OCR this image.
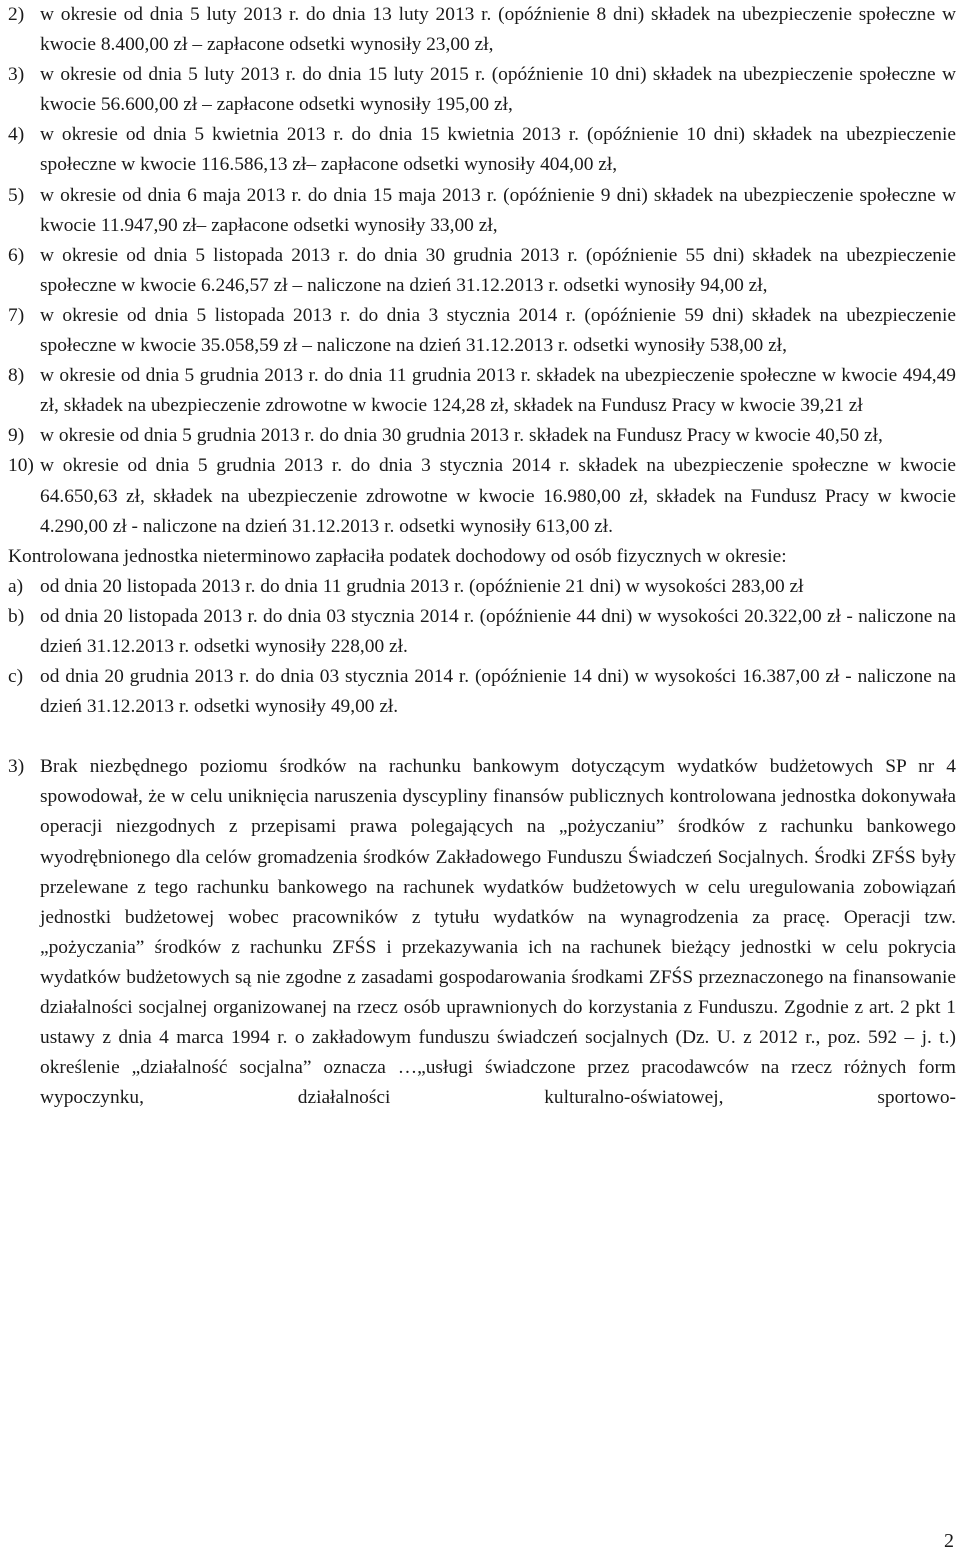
2) w okresie od dnia 5 luty 2013 r. do dnia 13 luty 2013 r. (opóźnienie 8 dni) składek na ubezpieczenie społeczne w kwocie 8.400,00 zł – zapłacone odsetki wynosiły 23,00 zł,
3) w okresie od dnia 5 luty 2013 r. do dnia 15 luty 2015 r. (opóźnienie 10 dni) składek na ubezpieczenie społeczne w kwocie 56.600,00 zł – zapłacone odsetki wynosiły 195,00 zł,
4) w okresie od dnia 5 kwietnia 2013 r. do dnia 15 kwietnia 2013 r. (opóźnienie 10 dni) składek na ubezpieczenie społeczne w kwocie 116.586,13 zł– zapłacone odsetki wynosiły 404,00 zł,
5) w okresie od dnia 6 maja 2013 r. do dnia 15 maja 2013 r. (opóźnienie 9 dni) składek na ubezpieczenie społeczne w kwocie 11.947,90 zł– zapłacone odsetki wynosiły 33,00 zł,
6) w okresie od dnia 5 listopada 2013 r. do dnia 30 grudnia 2013 r. (opóźnienie 55 dni) składek na ubezpieczenie społeczne w kwocie 6.246,57 zł – naliczone na dzień 31.12.2013 r. odsetki wynosiły 94,00 zł,
7) w okresie od dnia 5 listopada 2013 r. do dnia 3 stycznia 2014 r. (opóźnienie 59 dni) składek na ubezpieczenie społeczne w kwocie 35.058,59 zł – naliczone na dzień 31.12.2013 r. odsetki wynosiły 538,00 zł,
8) w okresie od dnia 5 grudnia 2013 r. do dnia 11 grudnia 2013 r. składek na ubezpieczenie społeczne w kwocie 494,49 zł, składek na ubezpieczenie zdrowotne w kwocie 124,28 zł, składek na Fundusz Pracy w kwocie 39,21 zł
9) w okresie od dnia 5 grudnia 2013 r. do dnia 30 grudnia 2013 r. składek na Fundusz Pracy w kwocie 40,50 zł,
10) w okresie od dnia 5 grudnia 2013 r. do dnia 3 stycznia 2014 r. składek na ubezpieczenie społeczne w kwocie 64.650,63 zł, składek na ubezpieczenie zdrowotne w kwocie 16.980,00 zł, składek na Fundusz Pracy w kwocie 4.290,00 zł - naliczone na dzień 31.12.2013 r. odsetki wynosiły 613,00 zł.
Kontrolowana jednostka nieterminowo zapłaciła podatek dochodowy od osób fizycznych w okresie:
a) od dnia 20 listopada 2013 r. do dnia 11 grudnia 2013 r. (opóźnienie 21 dni) w wysokości 283,00 zł
b) od dnia 20 listopada 2013 r. do dnia 03 stycznia 2014 r. (opóźnienie 44 dni) w wysokości 20.322,00 zł - naliczone na dzień 31.12.2013 r. odsetki wynosiły 228,00 zł.
c) od dnia 20 grudnia 2013 r. do dnia 03 stycznia 2014 r. (opóźnienie 14 dni) w wysokości 16.387,00 zł - naliczone na dzień 31.12.2013 r. odsetki wynosiły 49,00 zł.
3) Brak niezbędnego poziomu środków na rachunku bankowym dotyczącym wydatków budżetowych SP nr 4 spowodował, że w celu uniknięcia naruszenia dyscypliny finansów publicznych kontrolowana jednostka dokonywała operacji niezgodnych z przepisami prawa polegających na „pożyczaniu” środków z rachunku bankowego wyodrębnionego dla celów gromadzenia środków Zakładowego Funduszu Świadczeń Socjalnych. Środki ZFŚS były przelewane z tego rachunku bankowego na rachunek wydatków budżetowych w celu uregulowania zobowiązań jednostki budżetowej wobec pracowników z tytułu wydatków na wynagrodzenia za pracę. Operacji tzw. „pożyczania” środków z rachunku ZFŚS i przekazywania ich na rachunek bieżący jednostki w celu pokrycia wydatków budżetowych są nie zgodne z zasadami gospodarowania środkami ZFŚS przeznaczonego na finansowanie działalności socjalnej organizowanej na rzecz osób uprawnionych do korzystania z Funduszu. Zgodnie z art. 2 pkt 1 ustawy z dnia 4 marca 1994 r. o zakładowym funduszu świadczeń socjalnych (Dz. U. z 2012 r., poz. 592 – j. t.) określenie „działalność socjalna” oznacza …„usługi świadczone przez pracodawców na rzecz różnych form wypoczynku, działalności kulturalno-oświatowej, sportowo-
2
